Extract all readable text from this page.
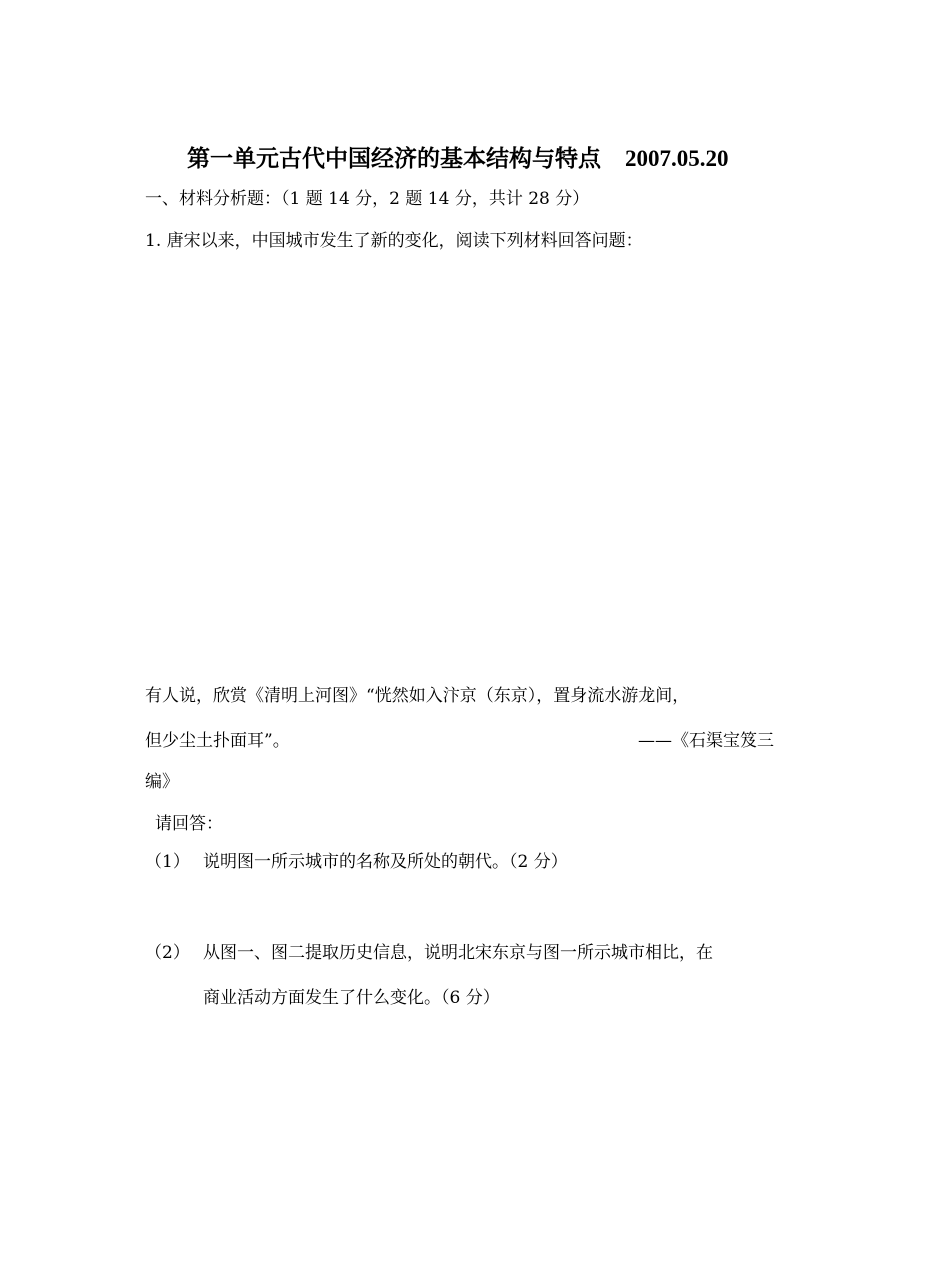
第一单元古代中国经济的基本结构与特点 2007.05.20
一、材料分析题：（1 题 14 分，2 题 14 分，共计 28 分）
1. 唐宋以来，中国城市发生了新的变化，阅读下列材料回答问题：
有人说，欣赏《清明上河图》“恍然如入汴京（东京），置身流水游龙间，
但少尘土扑面耳”。	——《石渠宝笈三
编》
请回答：
（1） 说明图一所示城市的名称及所处的朝代。（2 分）
（2） 从图一、图二提取历史信息，说明北宋东京与图一所示城市相比，在
商业活动方面发生了什么变化。（6 分）
